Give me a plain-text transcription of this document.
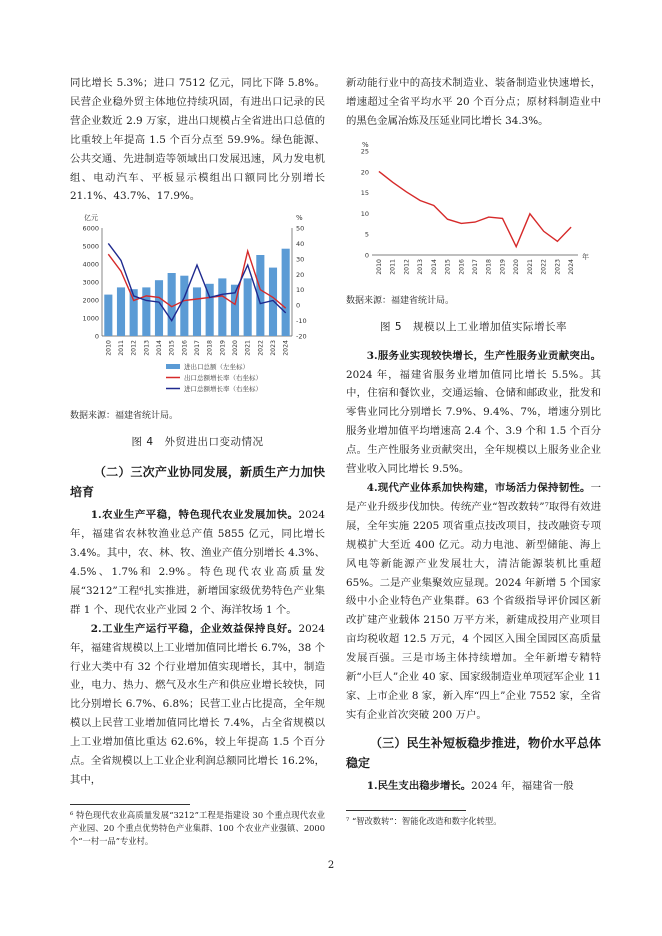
同比增长 5.3%；进口 7512 亿元，同比下降 5.8%。民营企业稳外贸主体地位持续巩固，有进出口记录的民营企业数近 2.9 万家，进出口规模占全省进出口总值的比重较上年提高 1.5 个百分点至 59.9%。绿色能源、公共交通、先进制造等领域出口发展迅速，风力发电机组、电动汽车、平板显示模组出口额同比分别增长 21.1%、43.7%、17.9%。

亿元	%
0
1000
2000
3000
4000
5000
6000
-20
-10
0
10
20
30
40
50
2010 2011 2012 2013 2014 2015 2016 2017 2018 2019 2020 2021 2022 2023 2024
进出口总额（左坐标）
出口总额增长率（右坐标）
进口总额增长率（右坐标）

数据来源：福建省统计局。

图 4　外贸进出口变动情况

（二）三次产业协同发展，新质生产力加快培育

1.农业生产平稳，特色现代农业发展加快。2024 年，福建省农林牧渔业总产值 5855 亿元，同比增长 3.4%。其中，农、林、牧、渔业产值分别增长 4.3%、4.5%、1.7%和 2.9%。特色现代农业高质量发展“3212”工程⁶扎实推进，新增国家级优势特色产业集群 1 个、现代农业产业园 2 个、海洋牧场 1 个。

2.工业生产运行平稳，企业效益保持良好。2024 年，福建省规模以上工业增加值同比增长 6.7%，38 个行业大类中有 32 个行业增加值实现增长，其中，制造业，电力、热力、燃气及水生产和供应业增长较快，同比分别增长 6.7%、6.8%；民营工业占比提高，全年规模以上民营工业增加值同比增长 7.4%，占全省规模以上工业增加值比重达 62.6%，较上年提高 1.5 个百分点。全省规模以上工业企业利润总额同比增长 16.2%，其中，

⁶ 特色现代农业高质量发展“3212”工程是指建设 30 个重点现代农业产业园、20 个重点优势特色产业集群、100 个农业产业强镇、2000 个“一村一品”专业村。

新动能行业中的高技术制造业、装备制造业快速增长，增速超过全省平均水平 20 个百分点；原材料制造业中的黑色金属冶炼及压延业同比增长 34.3%。

%
0
5
10
15
20
25
年
2010 2011 2012 2013 2014 2015 2016 2017 2018 2019 2020 2021 2022 2023 2024

数据来源：福建省统计局。

图 5　规模以上工业增加值实际增长率

3.服务业实现较快增长，生产性服务业贡献突出。2024 年，福建省服务业增加值同比增长 5.5%。其中，住宿和餐饮业，交通运输、仓储和邮政业，批发和零售业同比分别增长 7.9%、9.4%、7%，增速分别比服务业增加值平均增速高 2.4 个、3.9 个和 1.5 个百分点。生产性服务业贡献突出，全年规模以上服务业企业营业收入同比增长 9.5%。

4.现代产业体系加快构建，市场活力保持韧性。一是产业升级步伐加快。传统产业“智改数转”⁷取得有效进展，全年实施 2205 项省重点技改项目，技改融资专项规模扩大至近 400 亿元。动力电池、新型储能、海上风电等新能源产业发展壮大，清洁能源装机比重超 65%。二是产业集聚效应显现。2024 年新增 5 个国家级中小企业特色产业集群。63 个省级指导评价园区新改扩建产业载体 2150 万平方米，新建成投用产业项目亩均税收超 12.5 万元，4 个园区入围全国园区高质量发展百强。三是市场主体持续增加。全年新增专精特新“小巨人”企业 40 家、国家级制造业单项冠军企业 11 家、上市企业 8 家，新入库“四上”企业 7552 家，全省实有企业首次突破 200 万户。

（三）民生补短板稳步推进，物价水平总体稳定

1.民生支出稳步增长。2024 年，福建省一般

⁷ “智改数转”：智能化改造和数字化转型。

2
